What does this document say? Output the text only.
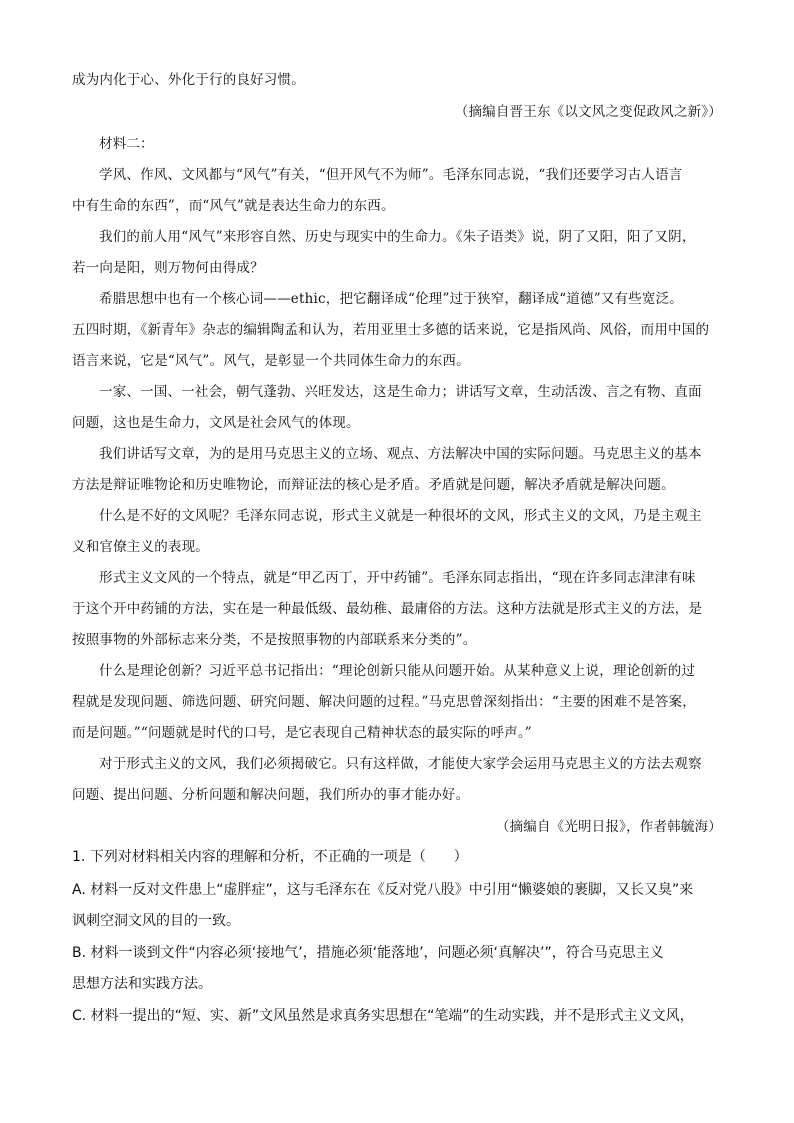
成为内化于心、外化于行的良好习惯。
（摘编自晋王东《以文风之变促政风之新》）
材料二：
学风、作风、文风都与“风气”有关，“但开风气不为师”。毛泽东同志说，“我们还要学习古人语言
中有生命的东西”，而“风气”就是表达生命力的东西。
我们的前人用“风气”来形容自然、历史与现实中的生命力。《朱子语类》说，阴了又阳，阳了又阴，
若一向是阳，则万物何由得成？
希腊思想中也有一个核心词——ethic，把它翻译成“伦理”过于狭窄，翻译成“道德”又有些宽泛。
五四时期，《新青年》杂志的编辑陶孟和认为，若用亚里士多德的话来说，它是指风尚、风俗，而用中国的
语言来说，它是“风气”。风气，是彰显一个共同体生命力的东西。
一家、一国、一社会，朝气蓬勃、兴旺发达，这是生命力；讲话写文章，生动活泼、言之有物、直面
问题，这也是生命力，文风是社会风气的体现。
我们讲话写文章，为的是用马克思主义的立场、观点、方法解决中国的实际问题。马克思主义的基本
方法是辩证唯物论和历史唯物论，而辩证法的核心是矛盾。矛盾就是问题，解决矛盾就是解决问题。
什么是不好的文风呢？毛泽东同志说，形式主义就是一种很坏的文风，形式主义的文风，乃是主观主
义和官僚主义的表现。
形式主义文风的一个特点，就是“甲乙丙丁，开中药铺”。毛泽东同志指出，“现在许多同志津津有味
于这个开中药铺的方法，实在是一种最低级、最幼稚、最庸俗的方法。这种方法就是形式主义的方法，是
按照事物的外部标志来分类，不是按照事物的内部联系来分类的”。
什么是理论创新？习近平总书记指出：“理论创新只能从问题开始。从某种意义上说，理论创新的过
程就是发现问题、筛选问题、研究问题、解决问题的过程。”马克思曾深刻指出：“主要的困难不是答案，
而是问题。”“问题就是时代的口号，是它表现自己精神状态的最实际的呼声。”
对于形式主义的文风，我们必须揭破它。只有这样做，才能使大家学会运用马克思主义的方法去观察
问题、提出问题、分析问题和解决问题，我们所办的事才能办好。
（摘编自《光明日报》，作者韩毓海）
1. 下列对材料相关内容的理解和分析，不正确的一项是（　　）
A. 材料一反对文件患上“虚胖症”，这与毛泽东在《反对党八股》中引用“懒婆娘的裹脚，又长又臭”来
讽刺空洞文风的目的一致。
B. 材料一谈到文件“内容必须‘接地气’，措施必须‘能落地’，问题必须‘真解决’”，符合马克思主义
思想方法和实践方法。
C. 材料一提出的“短、实、新”文风虽然是求真务实思想在“笔端”的生动实践，并不是形式主义文风，
